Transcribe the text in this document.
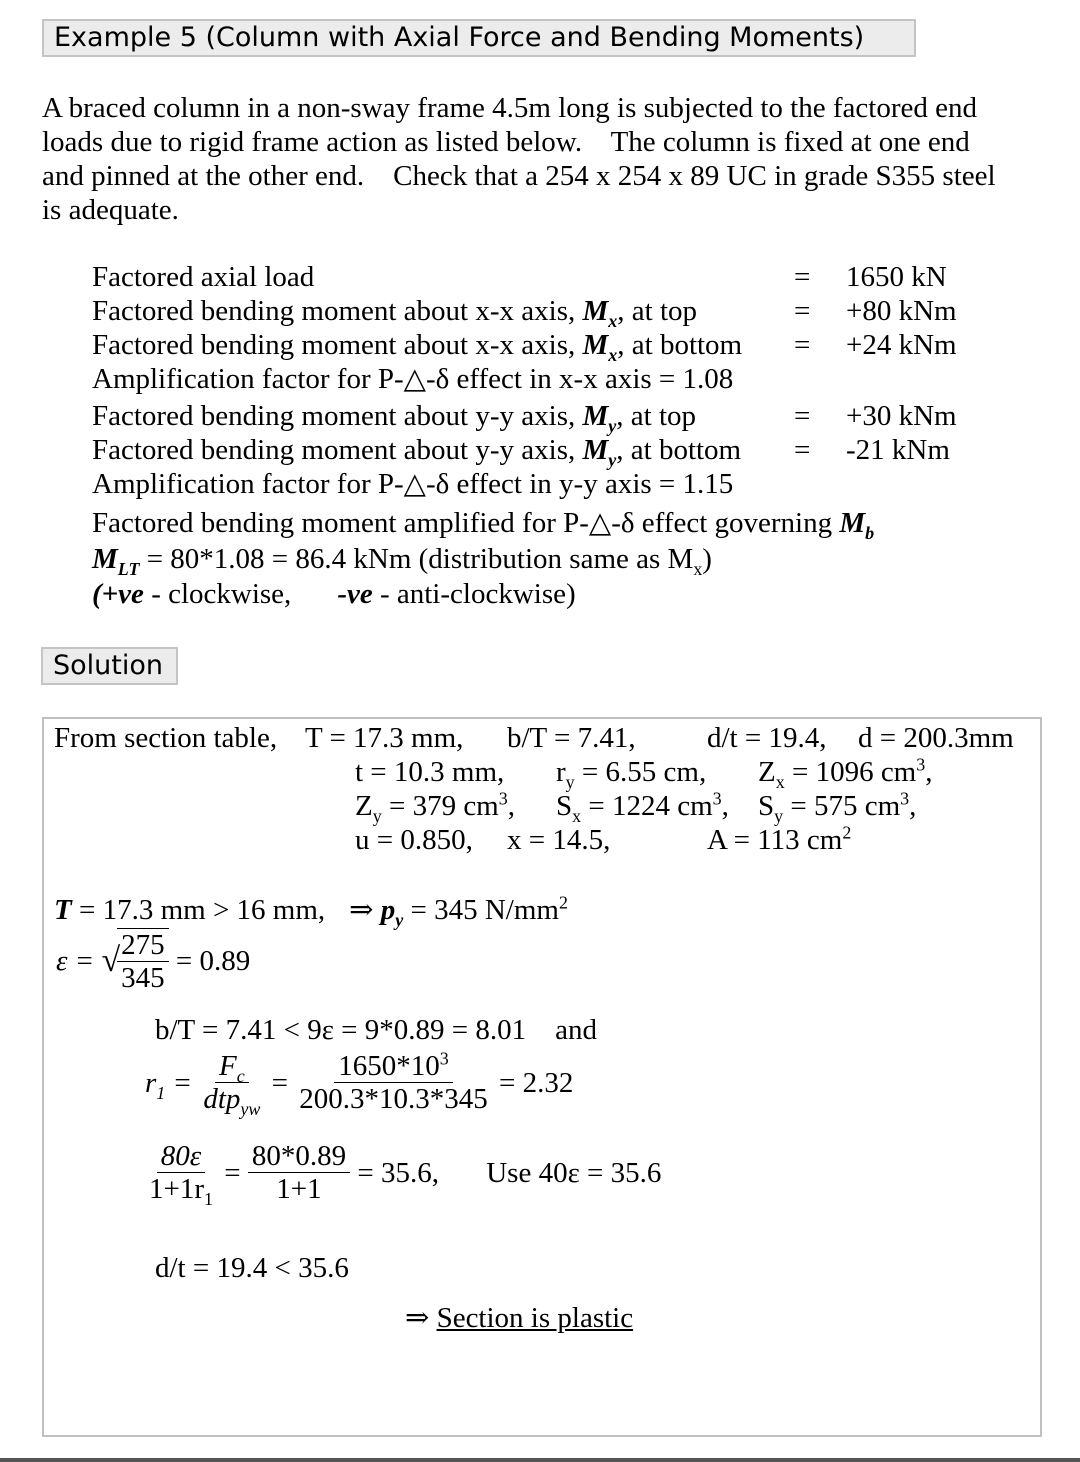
Example 5 (Column with Axial Force and Bending Moments)
A braced column in a non-sway frame 4.5m long is subjected to the factored end
loads due to rigid frame action as listed below.    The column is fixed at one end
and pinned at the other end.    Check that a 254 x 254 x 89 UC in grade S355 steel
is adequate.
Factored axial load	= 1650 kN
Factored bending moment about x-x axis, $M_x$, at top	= +80 kNm
Factored bending moment about x-x axis, $M_x$, at bottom = +24 kNm
Amplification factor for P-△-δ effect in x-x axis = 1.08
Factored bending moment about y-y axis, $M_y$, at top	= +30 kNm
Factored bending moment about y-y axis, $M_y$, at bottom = -21 kNm
Amplification factor for P-△-δ effect in y-y axis = 1.15
Factored bending moment amplified for P-△-δ effect governing $M_b$
$M_{LT} = 80*1.08 = 86.4$ kNm (distribution same as $M_x$)
(+ve - clockwise, -ve - anti-clockwise)
Solution
From section table, T = 17.3 mm, b/T = 7.41, d/t = 19.4, d = 200.3mm
t = 10.3 mm, $r_y = 6.55$ cm, $Z_x = 1096$ $cm^3$,
$Z_y = 379$ $cm^3$, $S_x = 1224$ $cm^3$, $S_y = 575$ $cm^3$,
u = 0.850, x = 14.5,	A = 113 $cm^2$
T = 17.3 mm > 16 mm, ⇒ $p_y = 345$ $N/mm^2$
ε = √
$\frac{275}{345} = 0.89$
b/T = 7.41 < 9ε = 9*0.89 = 8.01    and
$r_1 = \frac{F_c}{dtp_{yw}} = \frac{1650*10^3}{200.3*10.3*345} = 2.32$
$\frac{80\varepsilon}{1+1r_1} = \frac{80*0.89}{1+1} = 35.6$, Use 40ε = 35.6
d/t = 19.4 < 35.6
⇒ Section is plastic
